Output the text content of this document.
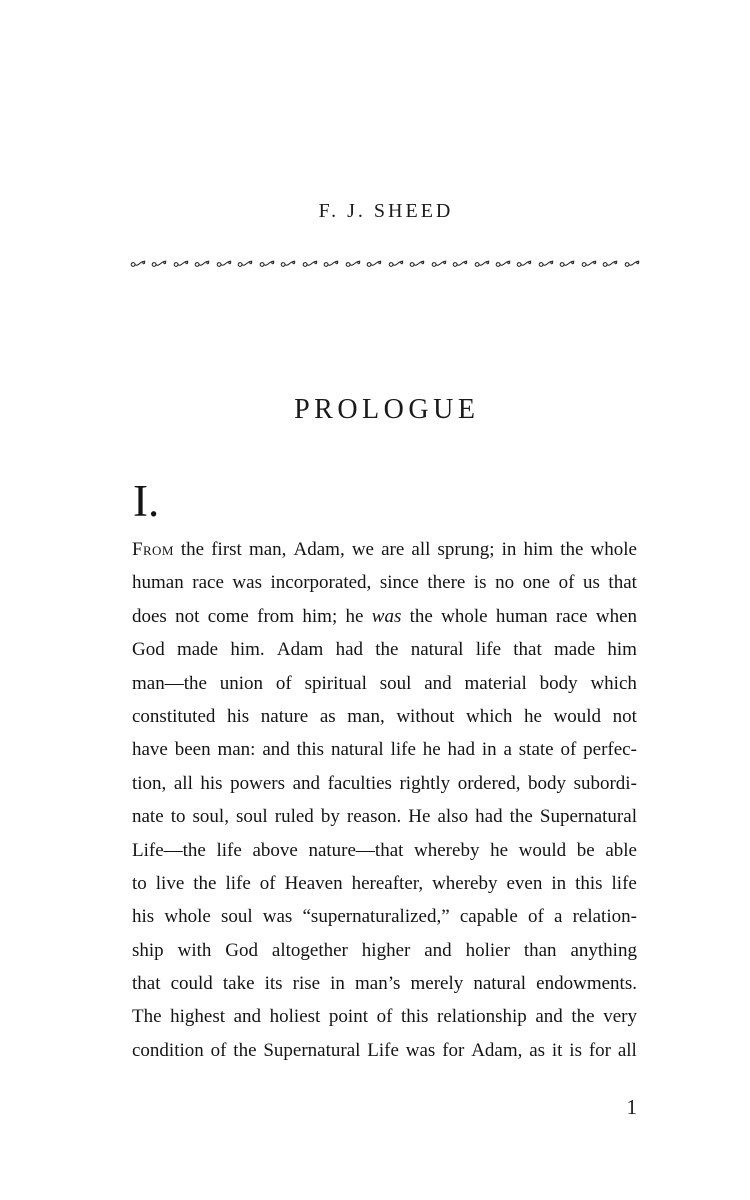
F. J. SHEED
PROLOGUE
I.
From the first man, Adam, we are all sprung; in him the whole
human race was incorporated, since there is no one of us that
does not come from him; he was the whole human race when
God made him. Adam had the natural life that made him
man—the union of spiritual soul and material body which
constituted his nature as man, without which he would not
have been man: and this natural life he had in a state of perfec-
tion, all his powers and faculties rightly ordered, body subordi-
nate to soul, soul ruled by reason. He also had the Supernatural
Life—the life above nature—that whereby he would be able
to live the life of Heaven hereafter, whereby even in this life
his whole soul was “supernaturalized,” capable of a relation-
ship with God altogether higher and holier than anything
that could take its rise in man’s merely natural endowments.
The highest and holiest point of this relationship and the very
condition of the Supernatural Life was for Adam, as it is for all
1
